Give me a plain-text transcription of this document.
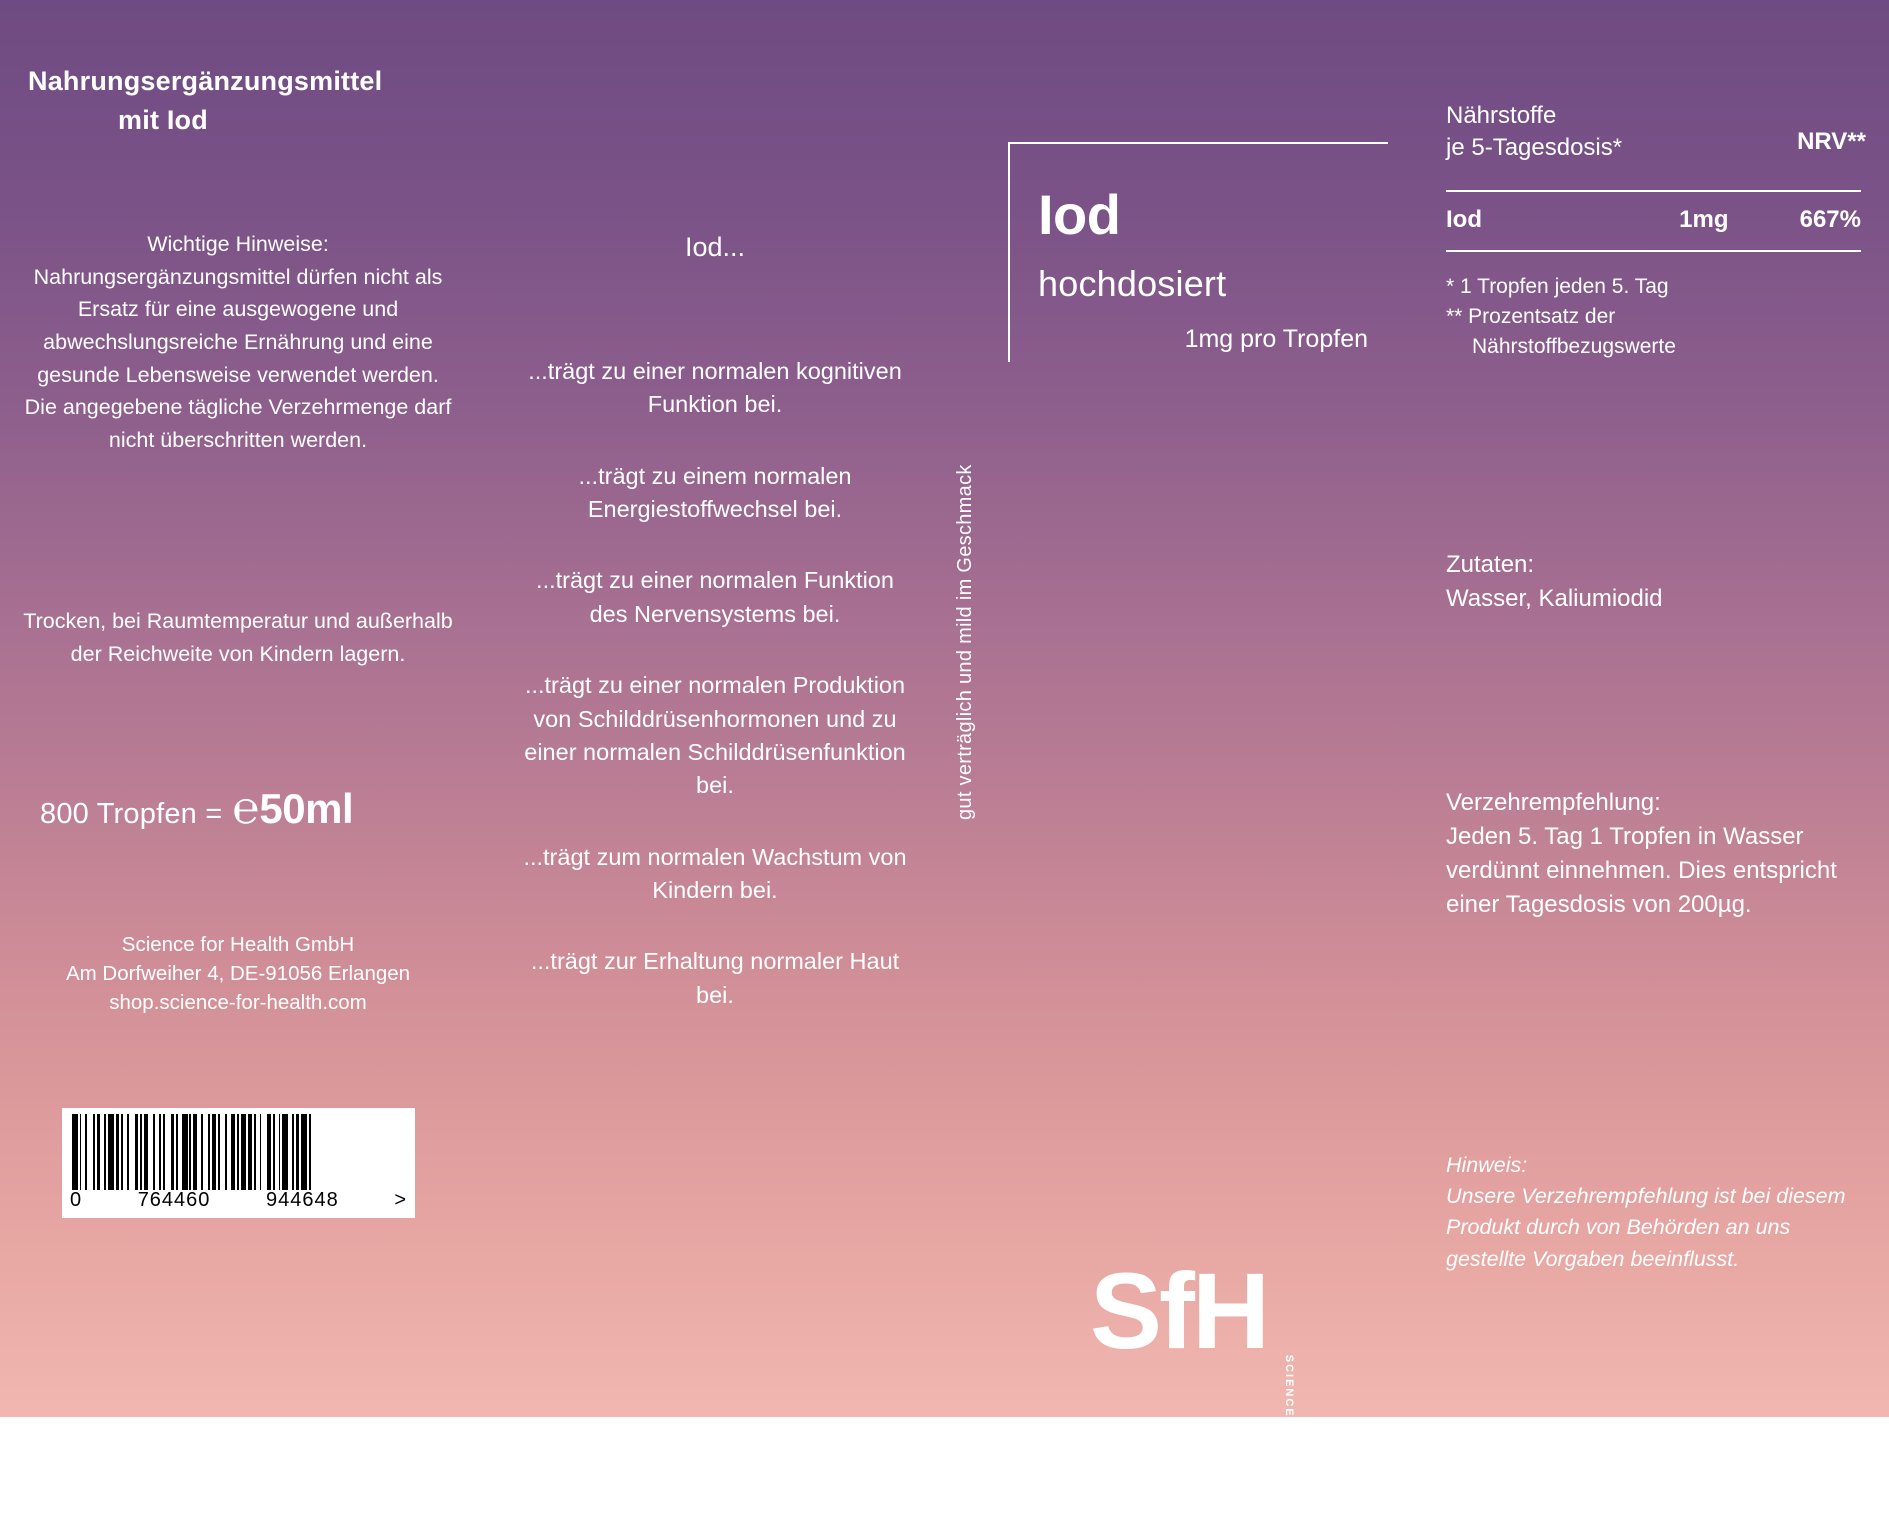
Nahrungsergänzungsmittel
mit Iod
Wichtige Hinweise: Nahrungsergänzungsmittel dürfen nicht als Ersatz für eine ausgewogene und abwechslungsreiche Ernährung und eine gesunde Lebensweise verwendet werden. Die angegebene tägliche Verzehrmenge darf nicht überschritten werden.
Trocken, bei Raumtemperatur und außerhalb der Reichweite von Kindern lagern.
800 Tropfen = ℮ 50ml
Science for Health GmbH
Am Dorfweiher 4, DE-91056 Erlangen
shop.science-for-health.com
0	764460	944648	>
Iod...
...trägt zu einer normalen kognitiven Funktion bei.
...trägt zu einem normalen Energiestoffwechsel bei.
...trägt zu einer normalen Funktion des Nervensystems bei.
...trägt zu einer normalen Produktion von Schilddrüsenhormonen und zu einer normalen Schilddrüsenfunktion bei.
...trägt zum normalen Wachstum von Kindern bei.
...trägt zur Erhaltung normaler Haut bei.
Iod
hochdosiert
1mg pro Tropfen
gut verträglich und mild im Geschmack
SfH
SCIENCE FOR HEALTH
NRV**
Nährstoffe
je 5-Tagesdosis*
Iod	1mg	667%
* 1 Tropfen jeden 5. Tag
** Prozentsatz der
Nährstoffbezugswerte
Zutaten:
Wasser, Kaliumiodid
Verzehrempfehlung:
Jeden 5. Tag 1 Tropfen in Wasser verdünnt einnehmen. Dies entspricht einer Tagesdosis von 200µg.
Hinweis:
Unsere Verzehrempfehlung ist bei diesem Produkt durch von Behörden an uns gestellte Vorgaben beeinflusst.
